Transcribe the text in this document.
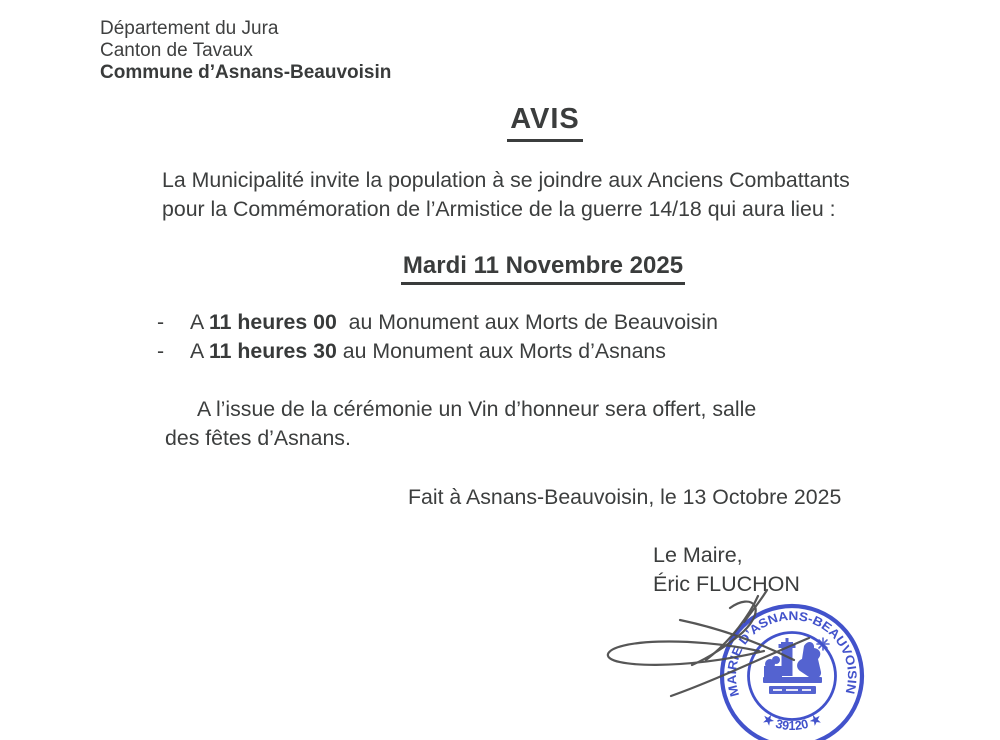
Département du Jura
Canton de Tavaux
Commune d’Asnans-Beauvoisin
AVIS

La Municipalité invite la population à se joindre aux Anciens Combattants
pour la Commémoration de l’Armistice de la guerre 14/18 qui aura lieu :

Mardi 11 Novembre 2025
-	A 11 heures 00  au Monument aux Morts de Beauvoisin
-	A 11 heures 30 au Monument aux Morts d’Asnans

A l’issue de la cérémonie un Vin d’honneur sera offert, salle
des fêtes d’Asnans.

Fait à Asnans-Beauvoisin, le 13 Octobre 2025
Le Maire,
Éric FLUCHON
MAIRIE D’ASNANS-BEAUVOISIN
★ 39120 ★
